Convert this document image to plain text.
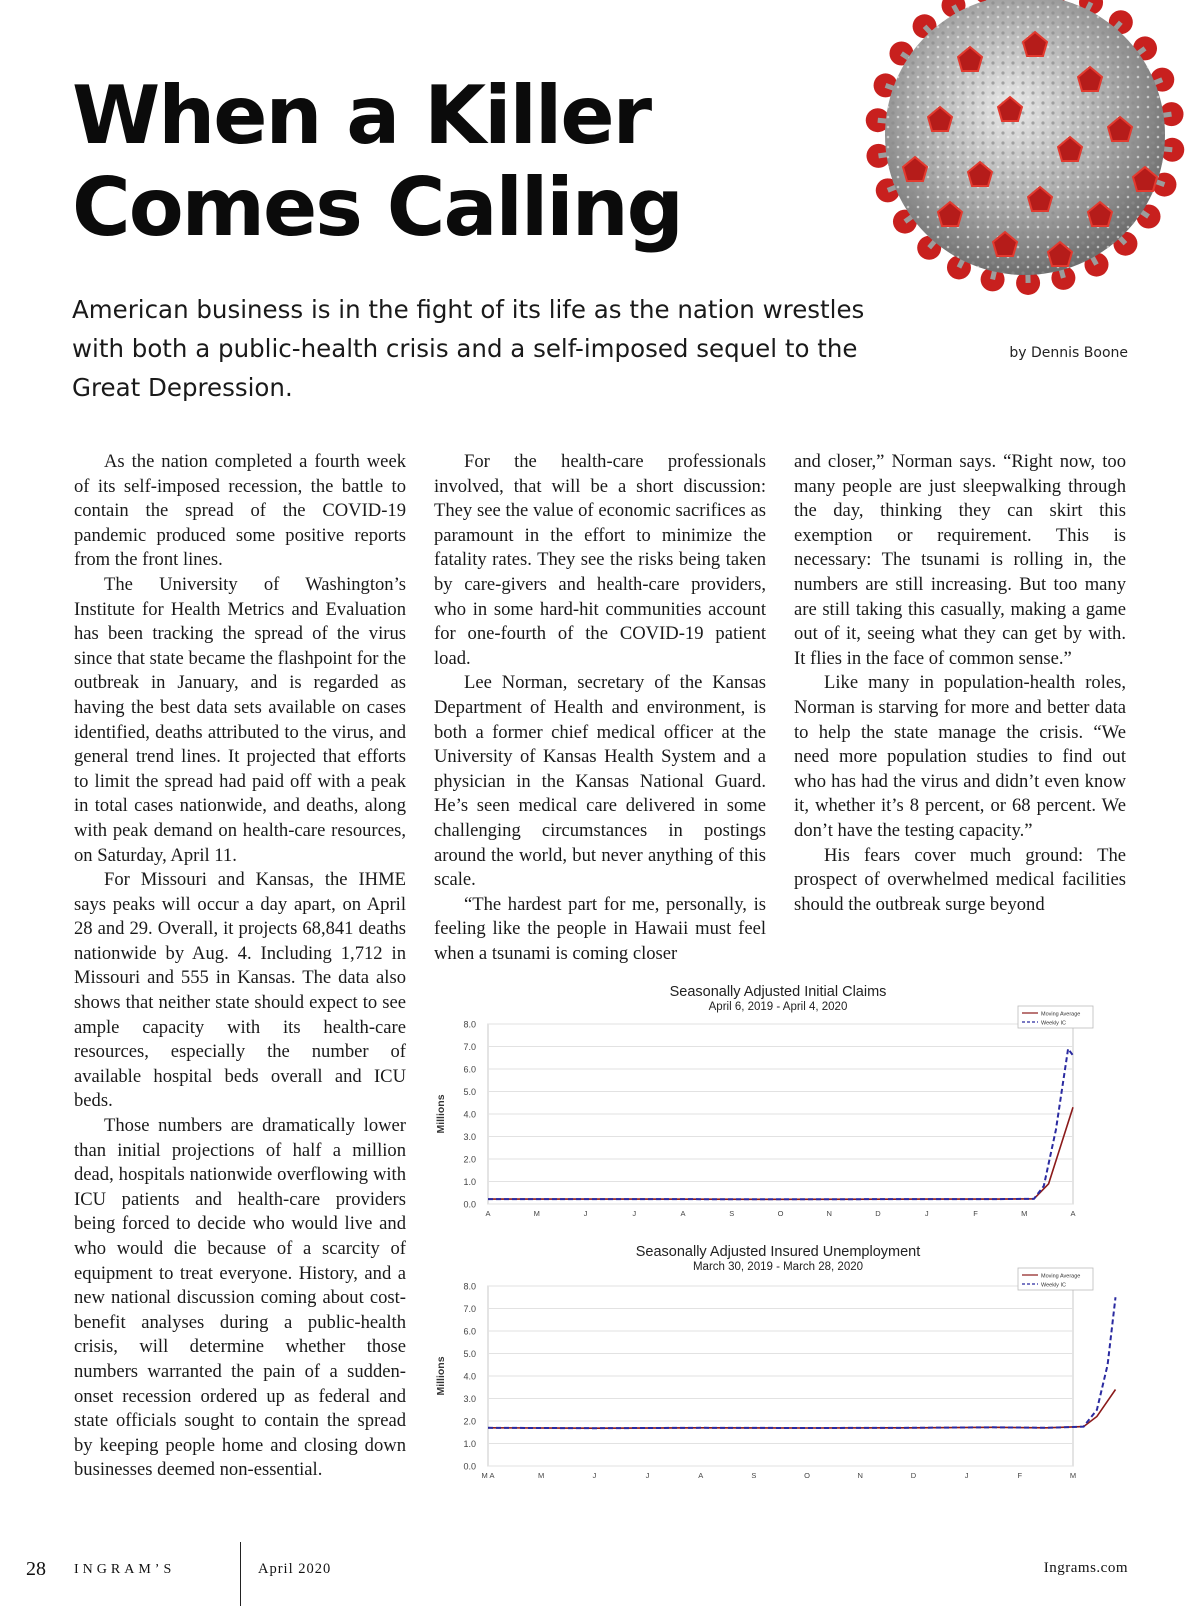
When a Killer
Comes Calling
American business is in the fight of its life as the nation wrestles with both a public-health crisis and a self-imposed sequel to the Great Depression.
by Dennis Boone

As the nation completed a fourth week of its self-imposed recession, the battle to contain the spread of the COVID-19 pandemic produced some positive reports from the front lines.

The University of Washington’s Institute for Health Metrics and Evaluation has been tracking the spread of the virus since that state became the flashpoint for the outbreak in January, and is regarded as having the best data sets available on cases identified, deaths attributed to the virus, and general trend lines. It projected that efforts to limit the spread had paid off with a peak in total cases nationwide, and deaths, along with peak demand on health-care resources, on Saturday, April 11.

For Missouri and Kansas, the IHME says peaks will occur a day apart, on April 28 and 29. Overall, it projects 68,841 deaths nationwide by Aug. 4. Including 1,712 in Missouri and 555 in Kansas. The data also shows that neither state should expect to see ample capacity with its health-care resources, especially the number of available hospital beds overall and ICU beds.

Those numbers are dramatically lower than initial projections of half a million dead, hospitals nationwide overflowing with ICU patients and health-care providers being forced to decide who would live and who would die because of a scarcity of equipment to treat everyone. History, and a new national discussion coming about cost-benefit analyses during a public-health crisis, will determine whether those numbers warranted the pain of a sudden-onset recession ordered up as federal and state officials sought to contain the spread by keeping people home and closing down businesses deemed non-essential.

For the health-care professionals involved, that will be a short discussion: They see the value of economic sacrifices as paramount in the effort to minimize the fatality rates. They see the risks being taken by care-givers and health-care providers, who in some hard-hit communities account for one-fourth of the COVID-19 patient load.

Lee Norman, secretary of the Kansas Department of Health and environment, is both a former chief medical officer at the University of Kansas Health System and a physician in the Kansas National Guard. He’s seen medical care delivered in some challenging circumstances in postings around the world, but never anything of this scale.

“The hardest part for me, personally, is feeling like the people in Hawaii must feel when a tsunami is coming closer

and closer,” Norman says. “Right now, too many people are just sleepwalking through the day, thinking they can skirt this exemption or requirement. This is necessary: The tsunami is rolling in, the numbers are still increasing. But too many are still taking this casually, making a game out of it, seeing what they can get by with. It flies in the face of common sense.”

Like many in population-health roles, Norman is starving for more and better data to help the state manage the crisis. “We need more population studies to find out who has had the virus and didn’t even know it, whether it’s 8 percent, or 68 percent. We don’t have the testing capacity.”

His fears cover much ground: The prospect of overwhelmed medical facilities should the outbreak surge beyond

Seasonally Adjusted Initial Claims
April 6, 2019 - April 4, 2020
0.0
1.0
2.0
3.0
4.0
5.0
6.0
7.0
8.0
Millions
A	M	J	J	A	S	O	N	D	J	F	M	A
Moving Average
Weekly IC
Seasonally Adjusted Insured Unemployment
March 30, 2019 - March 28, 2020
0.0
1.0
2.0
3.0
4.0
5.0
6.0
7.0
8.0
Millions
M A	M	J	J	A	S	O	N	D	J	F	M
Moving Average
Weekly IC
28 INGRAM’S	April 2020	Ingrams.com
